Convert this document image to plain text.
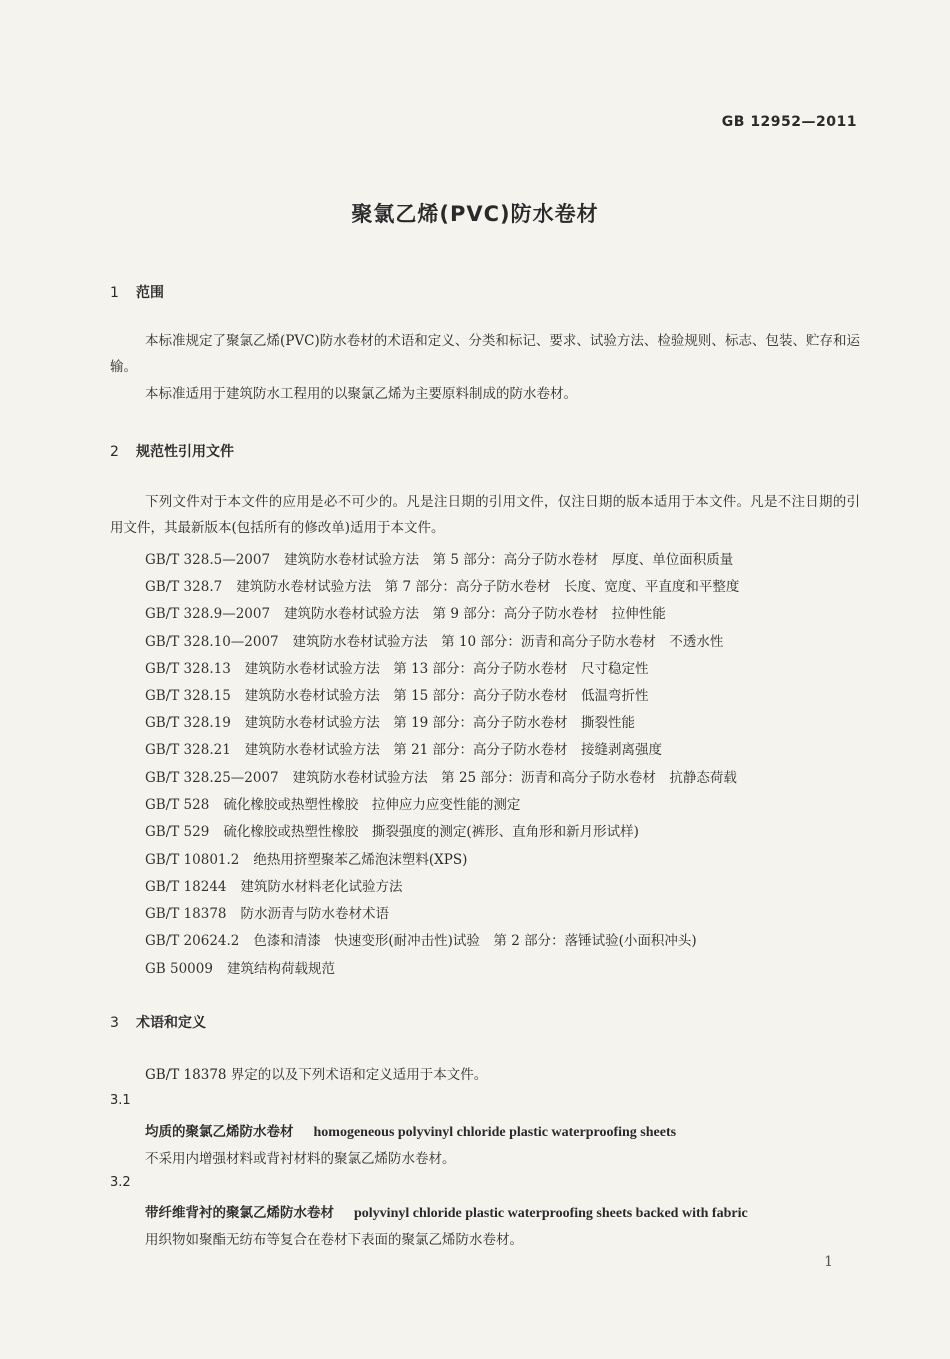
GB 12952—2011
聚氯乙烯(PVC)防水卷材
1 范围
本标准规定了聚氯乙烯(PVC)防水卷材的术语和定义、分类和标记、要求、试验方法、检验规则、标志、包装、贮存和运输。
本标准适用于建筑防水工程用的以聚氯乙烯为主要原料制成的防水卷材。
2 规范性引用文件
下列文件对于本文件的应用是必不可少的。凡是注日期的引用文件，仅注日期的版本适用于本文件。凡是不注日期的引用文件，其最新版本(包括所有的修改单)适用于本文件。
GB/T 328.5—2007 建筑防水卷材试验方法　第 5 部分：高分子防水卷材　厚度、单位面积质量
GB/T 328.7 建筑防水卷材试验方法　第 7 部分：高分子防水卷材　长度、宽度、平直度和平整度
GB/T 328.9—2007 建筑防水卷材试验方法　第 9 部分：高分子防水卷材　拉伸性能
GB/T 328.10—2007 建筑防水卷材试验方法　第 10 部分：沥青和高分子防水卷材　不透水性
GB/T 328.13 建筑防水卷材试验方法　第 13 部分：高分子防水卷材　尺寸稳定性
GB/T 328.15 建筑防水卷材试验方法　第 15 部分：高分子防水卷材　低温弯折性
GB/T 328.19 建筑防水卷材试验方法　第 19 部分：高分子防水卷材　撕裂性能
GB/T 328.21 建筑防水卷材试验方法　第 21 部分：高分子防水卷材　接缝剥离强度
GB/T 328.25—2007 建筑防水卷材试验方法　第 25 部分：沥青和高分子防水卷材　抗静态荷载
GB/T 528 硫化橡胶或热塑性橡胶　拉伸应力应变性能的测定
GB/T 529 硫化橡胶或热塑性橡胶　撕裂强度的测定(裤形、直角形和新月形试样)
GB/T 10801.2 绝热用挤塑聚苯乙烯泡沫塑料(XPS)
GB/T 18244 建筑防水材料老化试验方法
GB/T 18378 防水沥青与防水卷材术语
GB/T 20624.2 色漆和清漆　快速变形(耐冲击性)试验　第 2 部分：落锤试验(小面积冲头)
GB 50009 建筑结构荷载规范
3 术语和定义
GB/T 18378 界定的以及下列术语和定义适用于本文件。
3.1
均质的聚氯乙烯防水卷材 homogeneous polyvinyl chloride plastic waterproofing sheets
不采用内增强材料或背衬材料的聚氯乙烯防水卷材。
3.2
带纤维背衬的聚氯乙烯防水卷材 polyvinyl chloride plastic waterproofing sheets backed with fabric
用织物如聚酯无纺布等复合在卷材下表面的聚氯乙烯防水卷材。
1
